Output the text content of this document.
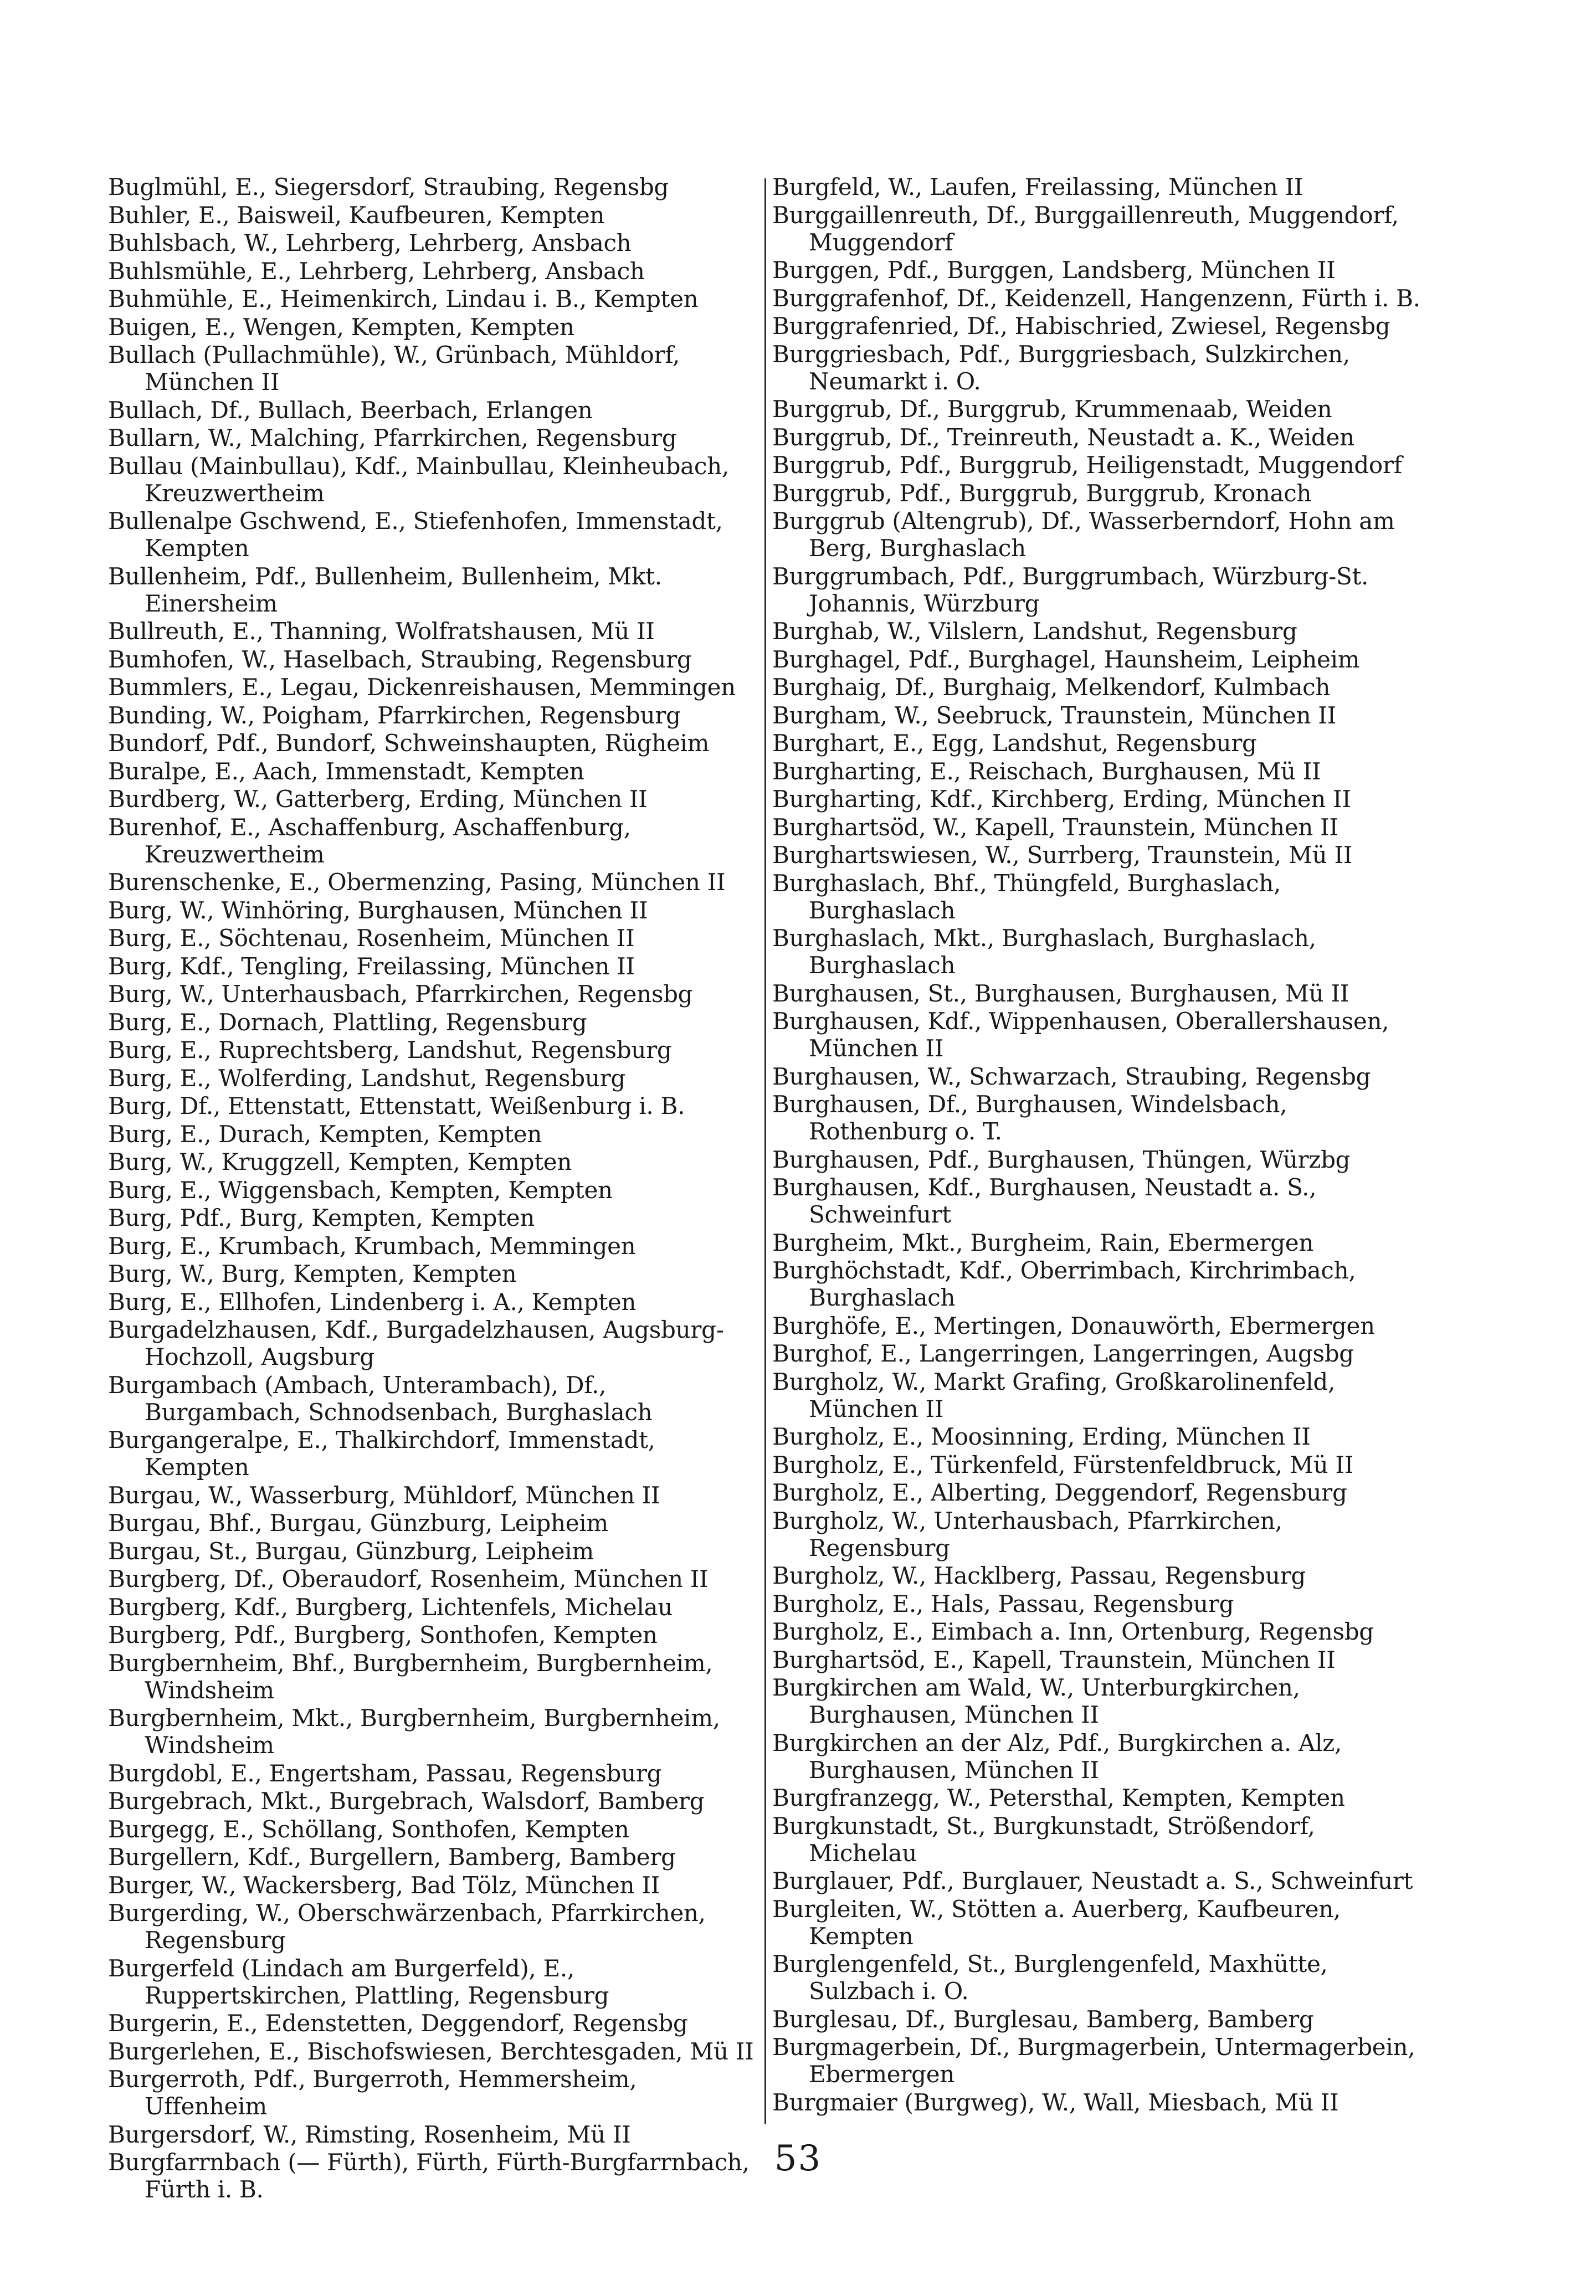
Buglmühl, E., Siegersdorf, Straubing, Regensbg

Buhler, E., Baisweil, Kaufbeuren, Kempten

Buhlsbach, W., Lehrberg, Lehrberg, Ansbach

Buhlsmühle, E., Lehrberg, Lehrberg, Ansbach

Buhmühle, E., Heimenkirch, Lindau i. B., Kempten

Buigen, E., Wengen, Kempten, Kempten

Bullach (Pullachmühle), W., Grünbach, Mühldorf, München II

Bullach, Df., Bullach, Beerbach, Erlangen

Bullarn, W., Malching, Pfarrkirchen, Regensburg

Bullau (Mainbullau), Kdf., Mainbullau, Kleinheubach, Kreuzwertheim

Bullenalpe Gschwend, E., Stiefenhofen, Immenstadt, Kempten

Bullenheim, Pdf., Bullenheim, Bullenheim, Mkt. Einersheim

Bullreuth, E., Thanning, Wolfratshausen, Mü II

Bumhofen, W., Haselbach, Straubing, Regensburg

Bummlers, E., Legau, Dickenreishausen, Memmingen

Bunding, W., Poigham, Pfarrkirchen, Regensburg

Bundorf, Pdf., Bundorf, Schweinshaupten, Rügheim

Buralpe, E., Aach, Immenstadt, Kempten

Burdberg, W., Gatterberg, Erding, München II

Burenhof, E., Aschaffenburg, Aschaffenburg, Kreuzwertheim

Burenschenke, E., Obermenzing, Pasing, München II

Burg, W., Winhöring, Burghausen, München II

Burg, E., Söchtenau, Rosenheim, München II

Burg, Kdf., Tengling, Freilassing, München II

Burg, W., Unterhausbach, Pfarrkirchen, Regensbg

Burg, E., Dornach, Plattling, Regensburg

Burg, E., Ruprechtsberg, Landshut, Regensburg

Burg, E., Wolferding, Landshut, Regensburg

Burg, Df., Ettenstatt, Ettenstatt, Weißenburg i. B.

Burg, E., Durach, Kempten, Kempten

Burg, W., Kruggzell, Kempten, Kempten

Burg, E., Wiggensbach, Kempten, Kempten

Burg, Pdf., Burg, Kempten, Kempten

Burg, E., Krumbach, Krumbach, Memmingen

Burg, W., Burg, Kempten, Kempten

Burg, E., Ellhofen, Lindenberg i. A., Kempten

Burgadelzhausen, Kdf., Burgadelzhausen, Augsburg-Hochzoll, Augsburg

Burgambach (Ambach, Unterambach), Df., Burgambach, Schnodsenbach, Burghaslach

Burgangeralpe, E., Thalkirchdorf, Immenstadt, Kempten

Burgau, W., Wasserburg, Mühldorf, München II

Burgau, Bhf., Burgau, Günzburg, Leipheim

Burgau, St., Burgau, Günzburg, Leipheim

Burgberg, Df., Oberaudorf, Rosenheim, München II

Burgberg, Kdf., Burgberg, Lichtenfels, Michelau

Burgberg, Pdf., Burgberg, Sonthofen, Kempten

Burgbernheim, Bhf., Burgbernheim, Burgbernheim, Windsheim

Burgbernheim, Mkt., Burgbernheim, Burgbernheim, Windsheim

Burgdobl, E., Engertsham, Passau, Regensburg

Burgebrach, Mkt., Burgebrach, Walsdorf, Bamberg

Burgegg, E., Schöllang, Sonthofen, Kempten

Burgellern, Kdf., Burgellern, Bamberg, Bamberg

Burger, W., Wackersberg, Bad Tölz, München II

Burgerding, W., Oberschwärzenbach, Pfarrkirchen, Regensburg

Burgerfeld (Lindach am Burgerfeld), E., Ruppertskirchen, Plattling, Regensburg

Burgerin, E., Edenstetten, Deggendorf, Regensbg

Burgerlehen, E., Bischofswiesen, Berchtesgaden, Mü II

Burgerroth, Pdf., Burgerroth, Hemmersheim, Uffenheim

Burgersdorf, W., Rimsting, Rosenheim, Mü II

Burgfarrnbach (— Fürth), Fürth, Fürth-Burgfarrnbach, Fürth i. B.

Burgfeld, W., Laufen, Freilassing, München II

Burggaillenreuth, Df., Burggaillenreuth, Muggendorf, Muggendorf

Burggen, Pdf., Burggen, Landsberg, München II

Burggrafenhof, Df., Keidenzell, Hangenzenn, Fürth i. B.

Burggrafenried, Df., Habischried, Zwiesel, Regensbg

Burggriesbach, Pdf., Burggriesbach, Sulzkirchen, Neumarkt i. O.

Burggrub, Df., Burggrub, Krummenaab, Weiden

Burggrub, Df., Treinreuth, Neustadt a. K., Weiden

Burggrub, Pdf., Burggrub, Heiligenstadt, Muggendorf

Burggrub, Pdf., Burggrub, Burggrub, Kronach

Burggrub (Altengrub), Df., Wasserberndorf, Hohn am Berg, Burghaslach

Burggrumbach, Pdf., Burggrumbach, Würzburg-St. Johannis, Würzburg

Burghab, W., Vilslern, Landshut, Regensburg

Burghagel, Pdf., Burghagel, Haunsheim, Leipheim

Burghaig, Df., Burghaig, Melkendorf, Kulmbach

Burgham, W., Seebruck, Traunstein, München II

Burghart, E., Egg, Landshut, Regensburg

Burgharting, E., Reischach, Burghausen, Mü II

Burgharting, Kdf., Kirchberg, Erding, München II

Burghartsöd, W., Kapell, Traunstein, München II

Burghartswiesen, W., Surrberg, Traunstein, Mü II

Burghaslach, Bhf., Thüngfeld, Burghaslach, Burghaslach

Burghaslach, Mkt., Burghaslach, Burghaslach, Burghaslach

Burghausen, St., Burghausen, Burghausen, Mü II

Burghausen, Kdf., Wippenhausen, Oberallershausen, München II

Burghausen, W., Schwarzach, Straubing, Regensbg

Burghausen, Df., Burghausen, Windelsbach, Rothenburg o. T.

Burghausen, Pdf., Burghausen, Thüngen, Würzbg

Burghausen, Kdf., Burghausen, Neustadt a. S., Schweinfurt

Burgheim, Mkt., Burgheim, Rain, Ebermergen

Burghöchstadt, Kdf., Oberrimbach, Kirchrimbach, Burghaslach

Burghöfe, E., Mertingen, Donauwörth, Ebermergen

Burghof, E., Langerringen, Langerringen, Augsbg

Burgholz, W., Markt Grafing, Großkarolinenfeld, München II

Burgholz, E., Moosinning, Erding, München II

Burgholz, E., Türkenfeld, Fürstenfeldbruck, Mü II

Burgholz, E., Alberting, Deggendorf, Regensburg

Burgholz, W., Unterhausbach, Pfarrkirchen, Regensburg

Burgholz, W., Hacklberg, Passau, Regensburg

Burgholz, E., Hals, Passau, Regensburg

Burgholz, E., Eimbach a. Inn, Ortenburg, Regensbg

Burghartsöd, E., Kapell, Traunstein, München II

Burgkirchen am Wald, W., Unterburgkirchen, Burghausen, München II

Burgkirchen an der Alz, Pdf., Burgkirchen a. Alz, Burghausen, München II

Burgfranzegg, W., Petersthal, Kempten, Kempten

Burgkunstadt, St., Burgkunstadt, Strößendorf, Michelau

Burglauer, Pdf., Burglauer, Neustadt a. S., Schweinfurt

Burgleiten, W., Stötten a. Auerberg, Kaufbeuren, Kempten

Burglengenfeld, St., Burglengenfeld, Maxhütte, Sulzbach i. O.

Burglesau, Df., Burglesau, Bamberg, Bamberg

Burgmagerbein, Df., Burgmagerbein, Untermagerbein, Ebermergen

Burgmaier (Burgweg), W., Wall, Miesbach, Mü II

53
